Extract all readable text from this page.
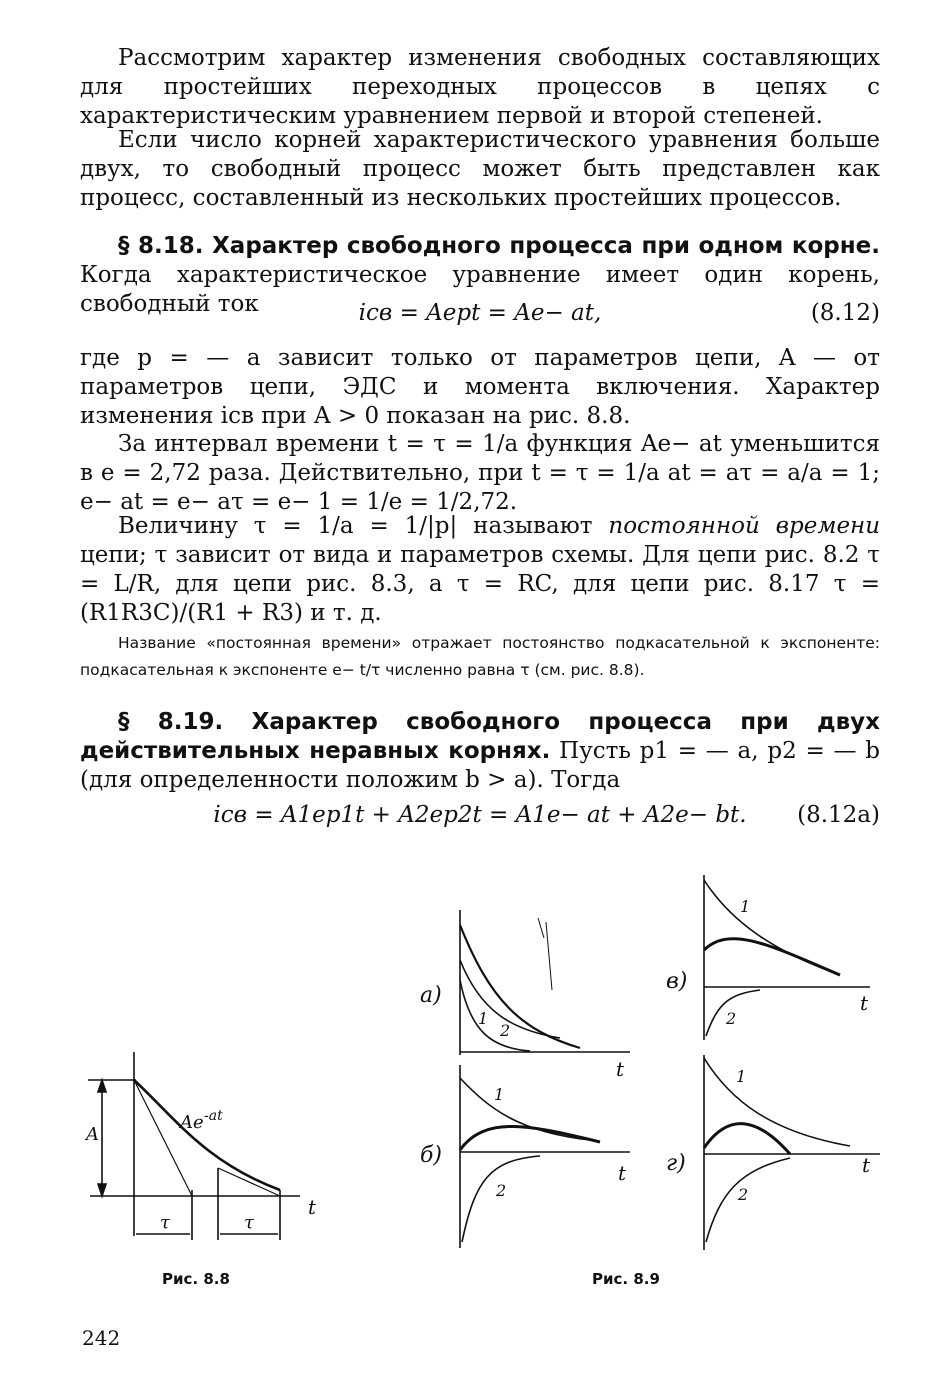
Рассмотрим характер изменения свободных составляющих для простейших переходных процессов в цепях с характеристическим уравнением первой и второй степеней.

Если число корней характеристического уравнения больше двух, то свободный процесс может быть представлен как процесс, составленный из нескольких простейших процессов.

§ 8.18. Характер свободного процесса при одном корне. Когда характеристическое уравнение имеет один корень, свободный ток	iсв = Aept = Ae− at,	(8.12)

где p = — a зависит только от параметров цепи, A — от параметров цепи, ЭДС и момента включения. Характер изменения iсв при A > 0 показан на рис. 8.8.

За интервал времени t = τ = 1/a функция Ae− at уменьшится в e = 2,72 раза. Действительно, при t = τ = 1/a at = aτ = a/a = 1; e− at = e− aτ = e− 1 = 1/e = 1/2,72.

Величину τ = 1/a = 1/|p| называют постоянной времени цепи; τ зависит от вида и параметров схемы. Для цепи рис. 8.2 τ = L/R, для цепи рис. 8.3, а τ = RC, для цепи рис. 8.17 τ = (R1R3C)/(R1 + R3) и т. д.

Название «постоянная времени» отражает постоянство подкасательной к экспоненте: подкасательная к экспоненте e− t/τ численно равна τ (см. рис. 8.8).

§ 8.19. Характер свободного процесса при двух действительных неравных корнях. Пусть p1 = — a, p2 = — b (для определенности положим b > a). Тогда

iсв = A1ep1t + A2ep2t = A1e− at + A2e− bt.	(8.12a)
A
Ae -at
τ	τ
t
Рис. 8.8
а)
б)
в)
г)
1
2
1
2
1
2
1
2
t
t
t
t
Рис. 8.9
242
